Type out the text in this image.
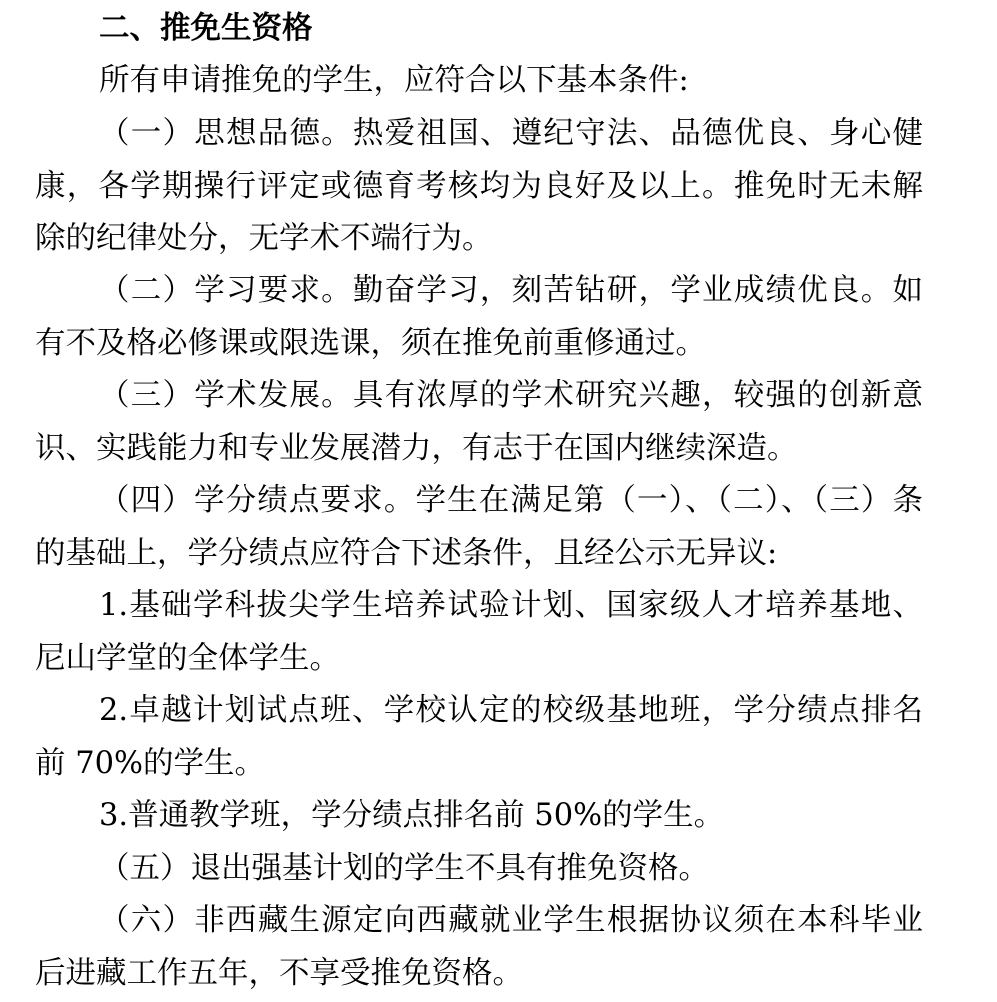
二、推免生资格
所有申请推免的学生，应符合以下基本条件:
（一）思想品德。热爱祖国、遵纪守法、品德优良、身心健
康，各学期操行评定或德育考核均为良好及以上。推免时无未解
除的纪律处分，无学术不端行为。
（二）学习要求。勤奋学习，刻苦钻研，学业成绩优良。如
有不及格必修课或限选课，须在推免前重修通过。
（三）学术发展。具有浓厚的学术研究兴趣，较强的创新意
识、实践能力和专业发展潜力，有志于在国内继续深造。
（四）学分绩点要求。学生在满足第（一）、（二）、（三）条
的基础上，学分绩点应符合下述条件，且经公示无异议:
1.基础学科拔尖学生培养试验计划、国家级人才培养基地、
尼山学堂的全体学生。
2.卓越计划试点班、学校认定的校级基地班，学分绩点排名
前 70%的学生。
3.普通教学班，学分绩点排名前 50%的学生。
（五）退出强基计划的学生不具有推免资格。
（六）非西藏生源定向西藏就业学生根据协议须在本科毕业
后进藏工作五年，不享受推免资格。
